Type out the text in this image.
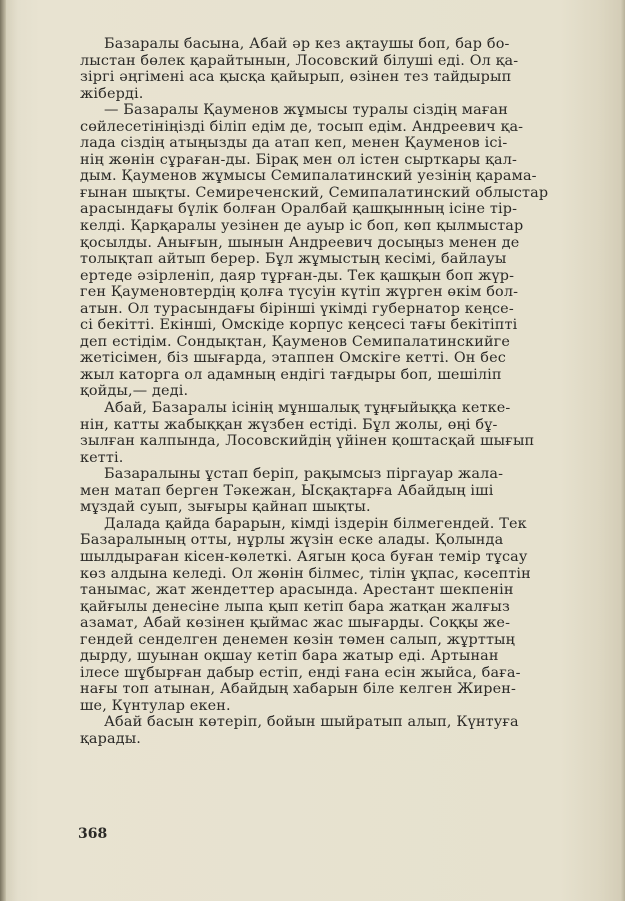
Базаралы басына, Абай әр кез ақтаушы боп, бар бо-
лыстан бөлек қарайтынын, Лосовский білуші еді. Ол қа-
зіргі әңгімені аса қысқа қайырып, өзінен тез тайдырып
жіберді.

— Базаралы Қауменов жұмысы туралы сіздің маған
сөйлесетініңізді біліп едім де, тосып едім. Андреевич қа-
лада сіздің атыңызды да атап кеп, менен Қауменов ісі-
нің жөнін сұраған-ды. Бірақ мен ол істен сырткары қал-
дым. Қауменов жұмысы Семипалатинский уезінің қарама-
ғынан шықты. Семиреченский, Семипалатинский облыстар
арасындағы бүлік болған Оралбай қашқынның ісіне тір-
келді. Қарқаралы уезінен де ауыр іс боп, көп қылмыстар
қосылды. Анығын, шынын Андреевич досыңыз менен де
толықтап айтып берер. Бұл жұмыстың кесімі, байлауы
ертеде әзірленіп, даяр тұрған-ды. Тек қашқын боп жүр-
ген Қауменовтердің қолға түсуін күтіп жүрген өкім бол-
атын. Ол турасындағы бірінші үкімді губернатор кеңсе-
сі бекітті. Екінші, Омскіде корпус кеңсесі тағы бекітіпті
деп естідім. Сондықтан, Қауменов Семипалатинскийге
жетісімен, біз шығарда, этаппен Омскіге кетті. Он бес
жыл каторга ол адамның ендігі тағдыры боп, шешіліп
қойды,— деді.

Абай, Базаралы ісінің мұншалық тұңғыйыққа кетке-
нін, катты жабыққан жүзбен естіді. Бұл жолы, өңі бұ-
зылған калпында, Лосовскийдің үйінен қоштасқай шығып
кетті.

Базаралыны ұстап беріп, рақымсыз піргауар жала-
мен матап берген Тәкежан, Ысқақтарға Абайдың іші
мұздай суып, зығыры қайнап шықты.

Далада қайда барарын, кімді іздерін білмегендей. Тек
Базаралының отты, нұрлы жүзін еске алады. Қолында
шылдыраған кісен-көлеткі. Аягын қоса буған темір тұсау
көз алдына келеді. Ол жөнін білмес, тілін ұқпас, кәсептін
танымас, жат жендеттер арасында. Арестант шекпенін
қайғылы денесіне лыпа қып кетіп бара жатқан жалғыз
азамат, Абай көзінен қыймас жас шығарды. Соққы же-
гендей сенделген денемен көзін төмен салып, жұрттың
дырду, шуынан оқшау кетіп бара жатыр еді. Артынан
ілесе шұбырған дабыр естіп, енді ғана есін жыйса, баға-
нағы топ атынан, Абайдың хабарын біле келген Жирен-
ше, Күнтулар екен.

Абай басын көтеріп, бойын шыйратып алып, Күнтуға
қарады.

368
